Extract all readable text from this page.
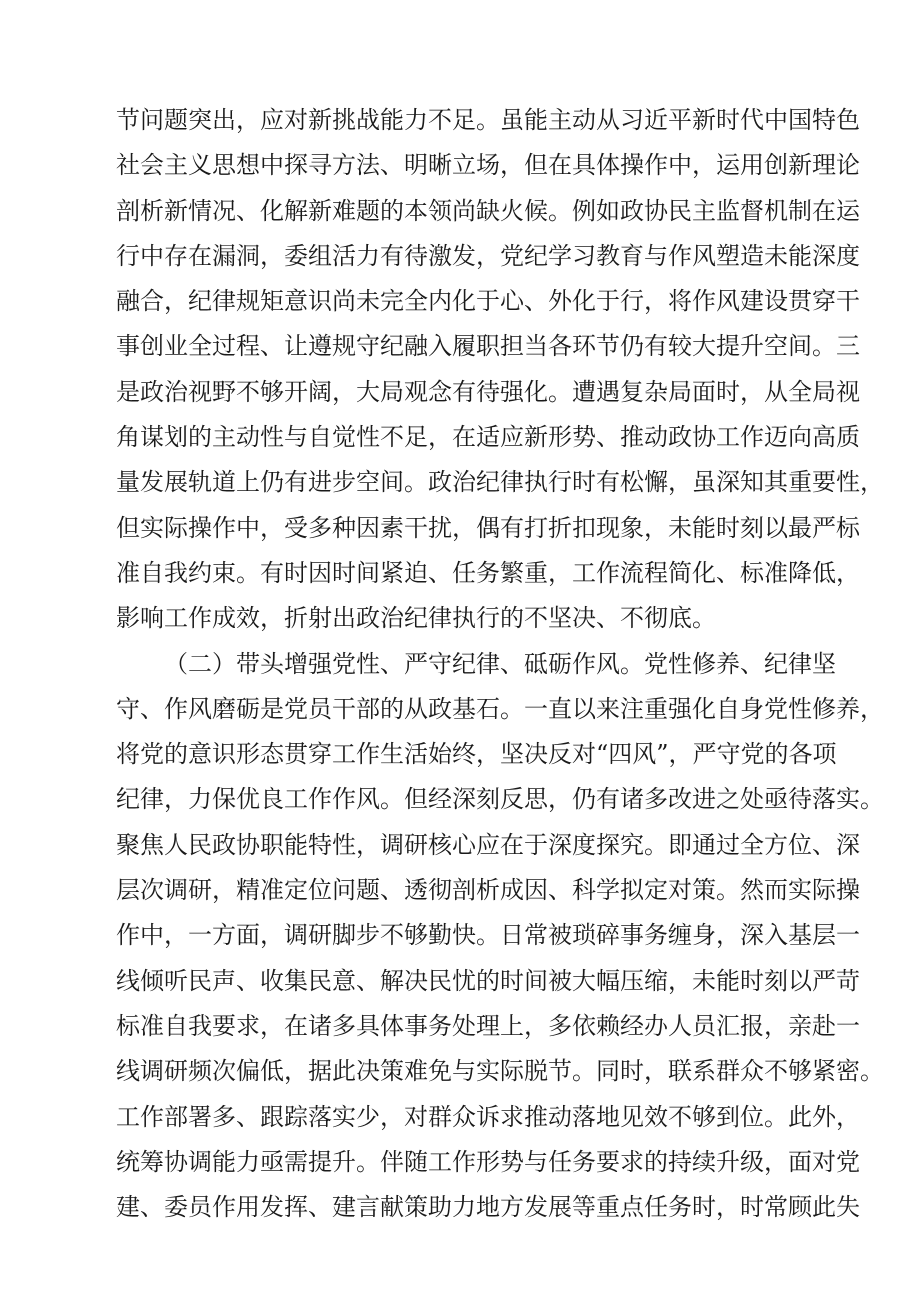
节问题突出，应对新挑战能力不足。虽能主动从习近平新时代中国特色
社会主义思想中探寻方法、明晰立场，但在具体操作中，运用创新理论
剖析新情况、化解新难题的本领尚缺火候。例如政协民主监督机制在运
行中存在漏洞，委组活力有待激发，党纪学习教育与作风塑造未能深度
融合，纪律规矩意识尚未完全内化于心、外化于行，将作风建设贯穿干
事创业全过程、让遵规守纪融入履职担当各环节仍有较大提升空间。三
是政治视野不够开阔，大局观念有待强化。遭遇复杂局面时，从全局视
角谋划的主动性与自觉性不足，在适应新形势、推动政协工作迈向高质
量发展轨道上仍有进步空间。政治纪律执行时有松懈，虽深知其重要性，
但实际操作中，受多种因素干扰，偶有打折扣现象，未能时刻以最严标
准自我约束。有时因时间紧迫、任务繁重，工作流程简化、标准降低，
影响工作成效，折射出政治纪律执行的不坚决、不彻底。
（二）带头增强党性、严守纪律、砥砺作风。党性修养、纪律坚
守、作风磨砺是党员干部的从政基石。一直以来注重强化自身党性修养，
将党的意识形态贯穿工作生活始终，坚决反对“四风”，严守党的各项
纪律，力保优良工作作风。但经深刻反思，仍有诸多改进之处亟待落实。
聚焦人民政协职能特性，调研核心应在于深度探究。即通过全方位、深
层次调研，精准定位问题、透彻剖析成因、科学拟定对策。然而实际操
作中，一方面，调研脚步不够勤快。日常被琐碎事务缠身，深入基层一
线倾听民声、收集民意、解决民忧的时间被大幅压缩，未能时刻以严苛
标准自我要求，在诸多具体事务处理上，多依赖经办人员汇报，亲赴一
线调研频次偏低，据此决策难免与实际脱节。同时，联系群众不够紧密。
工作部署多、跟踪落实少，对群众诉求推动落地见效不够到位。此外，
统筹协调能力亟需提升。伴随工作形势与任务要求的持续升级，面对党
建、委员作用发挥、建言献策助力地方发展等重点任务时，时常顾此失
